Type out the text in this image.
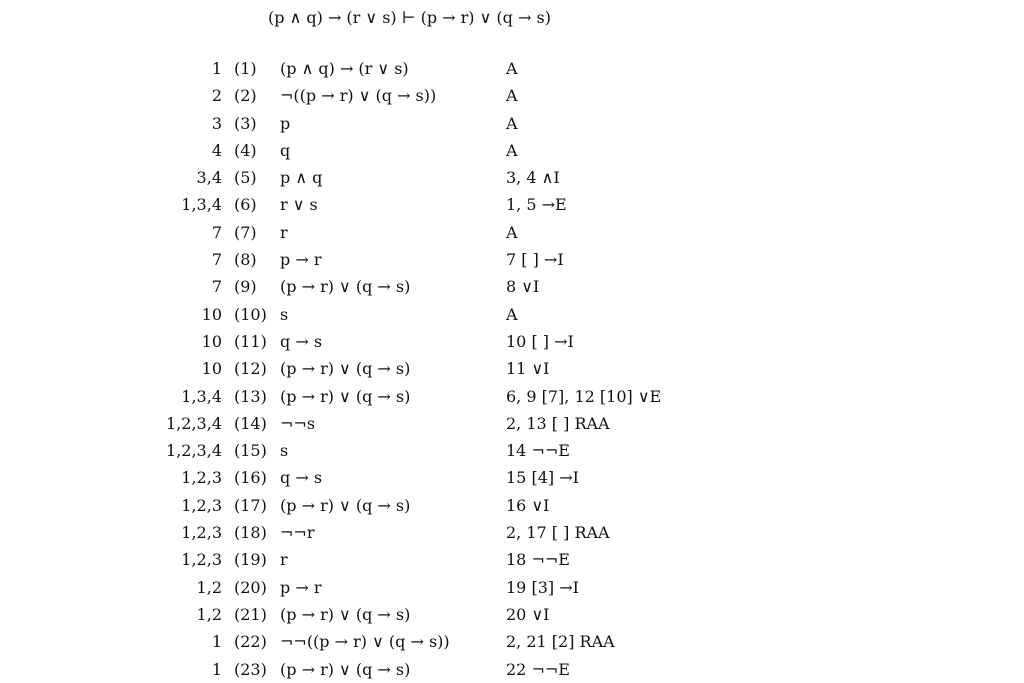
(p ∧ q) → (r ∨ s) ⊢ (p → r) ∨ (q → s)
1 (1) (p ∧ q) → (r ∨ s)	A
2 (2) ¬((p → r) ∨ (q → s))	A
3 (3) p	A
4 (4) q	A
3,4 (5) p ∧ q	3, 4 ∧I
1,3,4 (6) r ∨ s	1, 5 →E
7 (7) r	A
7 (8) p → r	7 [ ] →I
7 (9) (p → r) ∨ (q → s)	8 ∨I
10 (10) s	A
10 (11) q → s	10 [ ] →I
10 (12) (p → r) ∨ (q → s)	11 ∨I
1,3,4 (13) (p → r) ∨ (q → s)	6, 9 [7], 12 [10] ∨E
1,2,3,4 (14) ¬¬s	2, 13 [ ] RAA
1,2,3,4 (15) s	14 ¬¬E
1,2,3 (16) q → s	15 [4] →I
1,2,3 (17) (p → r) ∨ (q → s)	16 ∨I
1,2,3 (18) ¬¬r	2, 17 [ ] RAA
1,2,3 (19) r	18 ¬¬E
1,2 (20) p → r	19 [3] →I
1,2 (21) (p → r) ∨ (q → s)	20 ∨I
1 (22) ¬¬((p → r) ∨ (q → s))	2, 21 [2] RAA
1 (23) (p → r) ∨ (q → s)	22 ¬¬E
